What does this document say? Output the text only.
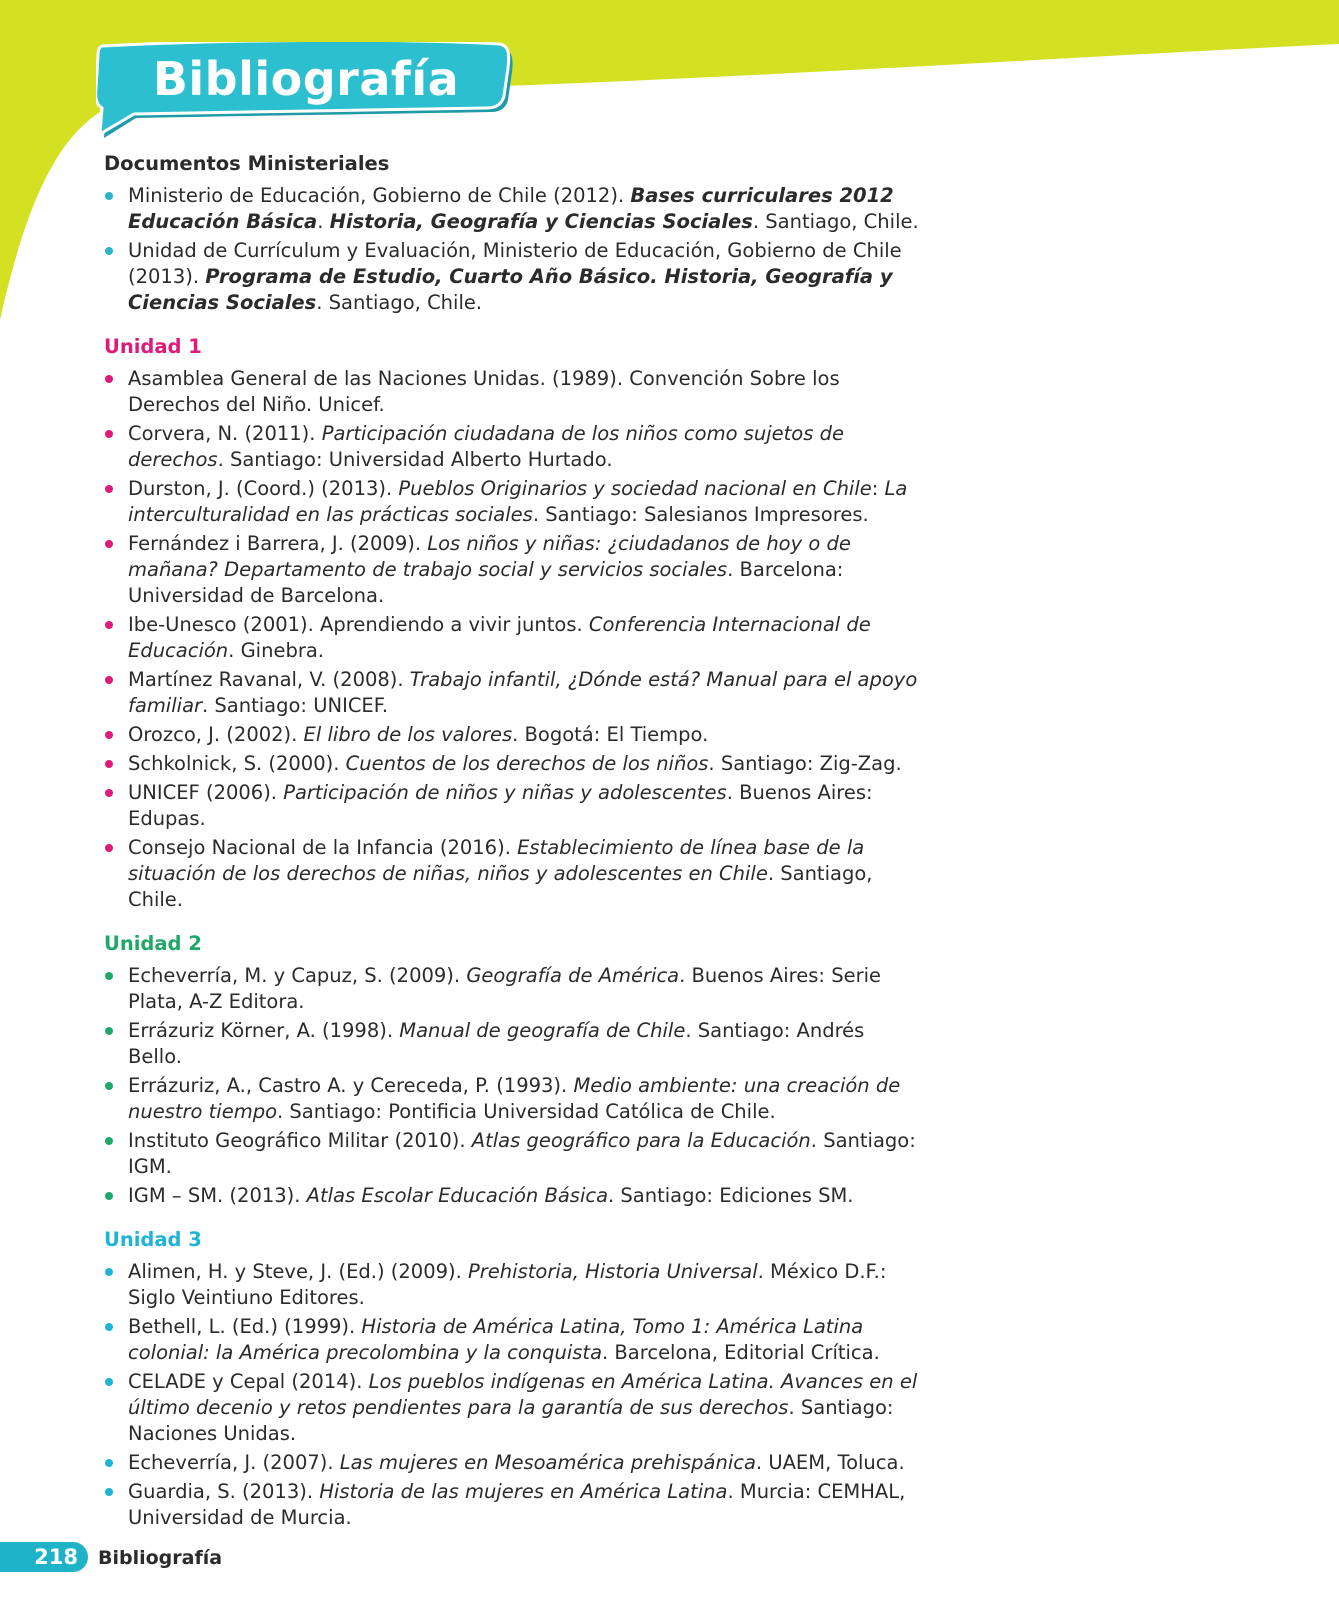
Bibliografía
Documentos Ministeriales
Ministerio de Educación, Gobierno de Chile (2012). Bases curriculares 2012 Educación Básica. Historia, Geografía y Ciencias Sociales. Santiago, Chile.
Unidad de Currículum y Evaluación, Ministerio de Educación, Gobierno de Chile (2013). Programa de Estudio, Cuarto Año Básico. Historia, Geografía y Ciencias Sociales. Santiago, Chile.
Unidad 1
Asamblea General de las Naciones Unidas. (1989). Convención Sobre los Derechos del Niño. Unicef.
Corvera, N. (2011). Participación ciudadana de los niños como sujetos de derechos. Santiago: Universidad Alberto Hurtado.
Durston, J. (Coord.) (2013). Pueblos Originarios y sociedad nacional en Chile: La interculturalidad en las prácticas sociales. Santiago: Salesianos Impresores.
Fernández i Barrera, J. (2009). Los niños y niñas: ¿ciudadanos de hoy o de mañana? Departamento de trabajo social y servicios sociales. Barcelona: Universidad de Barcelona.
Ibe-Unesco (2001). Aprendiendo a vivir juntos. Conferencia Internacional de Educación. Ginebra.
Martínez Ravanal, V. (2008). Trabajo infantil, ¿Dónde está? Manual para el apoyo familiar. Santiago: UNICEF.
Orozco, J. (2002). El libro de los valores. Bogotá: El Tiempo.
Schkolnick, S. (2000). Cuentos de los derechos de los niños. Santiago: Zig-Zag.
UNICEF (2006). Participación de niños y niñas y adolescentes. Buenos Aires: Edupas.
Consejo Nacional de la Infancia (2016). Establecimiento de línea base de la situación de los derechos de niñas, niños y adolescentes en Chile. Santiago, Chile.
Unidad 2
Echeverría, M. y Capuz, S. (2009). Geografía de América. Buenos Aires: Serie Plata, A-Z Editora.
Errázuriz Körner, A. (1998). Manual de geografía de Chile. Santiago: Andrés Bello.
Errázuriz, A., Castro A. y Cereceda, P. (1993). Medio ambiente: una creación de nuestro tiempo. Santiago: Pontificia Universidad Católica de Chile.
Instituto Geográfico Militar (2010). Atlas geográfico para la Educación. Santiago: IGM.
IGM – SM. (2013). Atlas Escolar Educación Básica. Santiago: Ediciones SM.
Unidad 3
Alimen, H. y Steve, J. (Ed.) (2009). Prehistoria, Historia Universal. México D.F.: Siglo Veintiuno Editores.
Bethell, L. (Ed.) (1999). Historia de América Latina, Tomo 1: América Latina colonial: la América precolombina y la conquista. Barcelona, Editorial Crítica.
CELADE y Cepal (2014). Los pueblos indígenas en América Latina. Avances en el último decenio y retos pendientes para la garantía de sus derechos. Santiago: Naciones Unidas.
Echeverría, J. (2007). Las mujeres en Mesoamérica prehispánica. UAEM, Toluca.
Guardia, S. (2013). Historia de las mujeres en América Latina. Murcia: CEMHAL, Universidad de Murcia.
218	Bibliografía
